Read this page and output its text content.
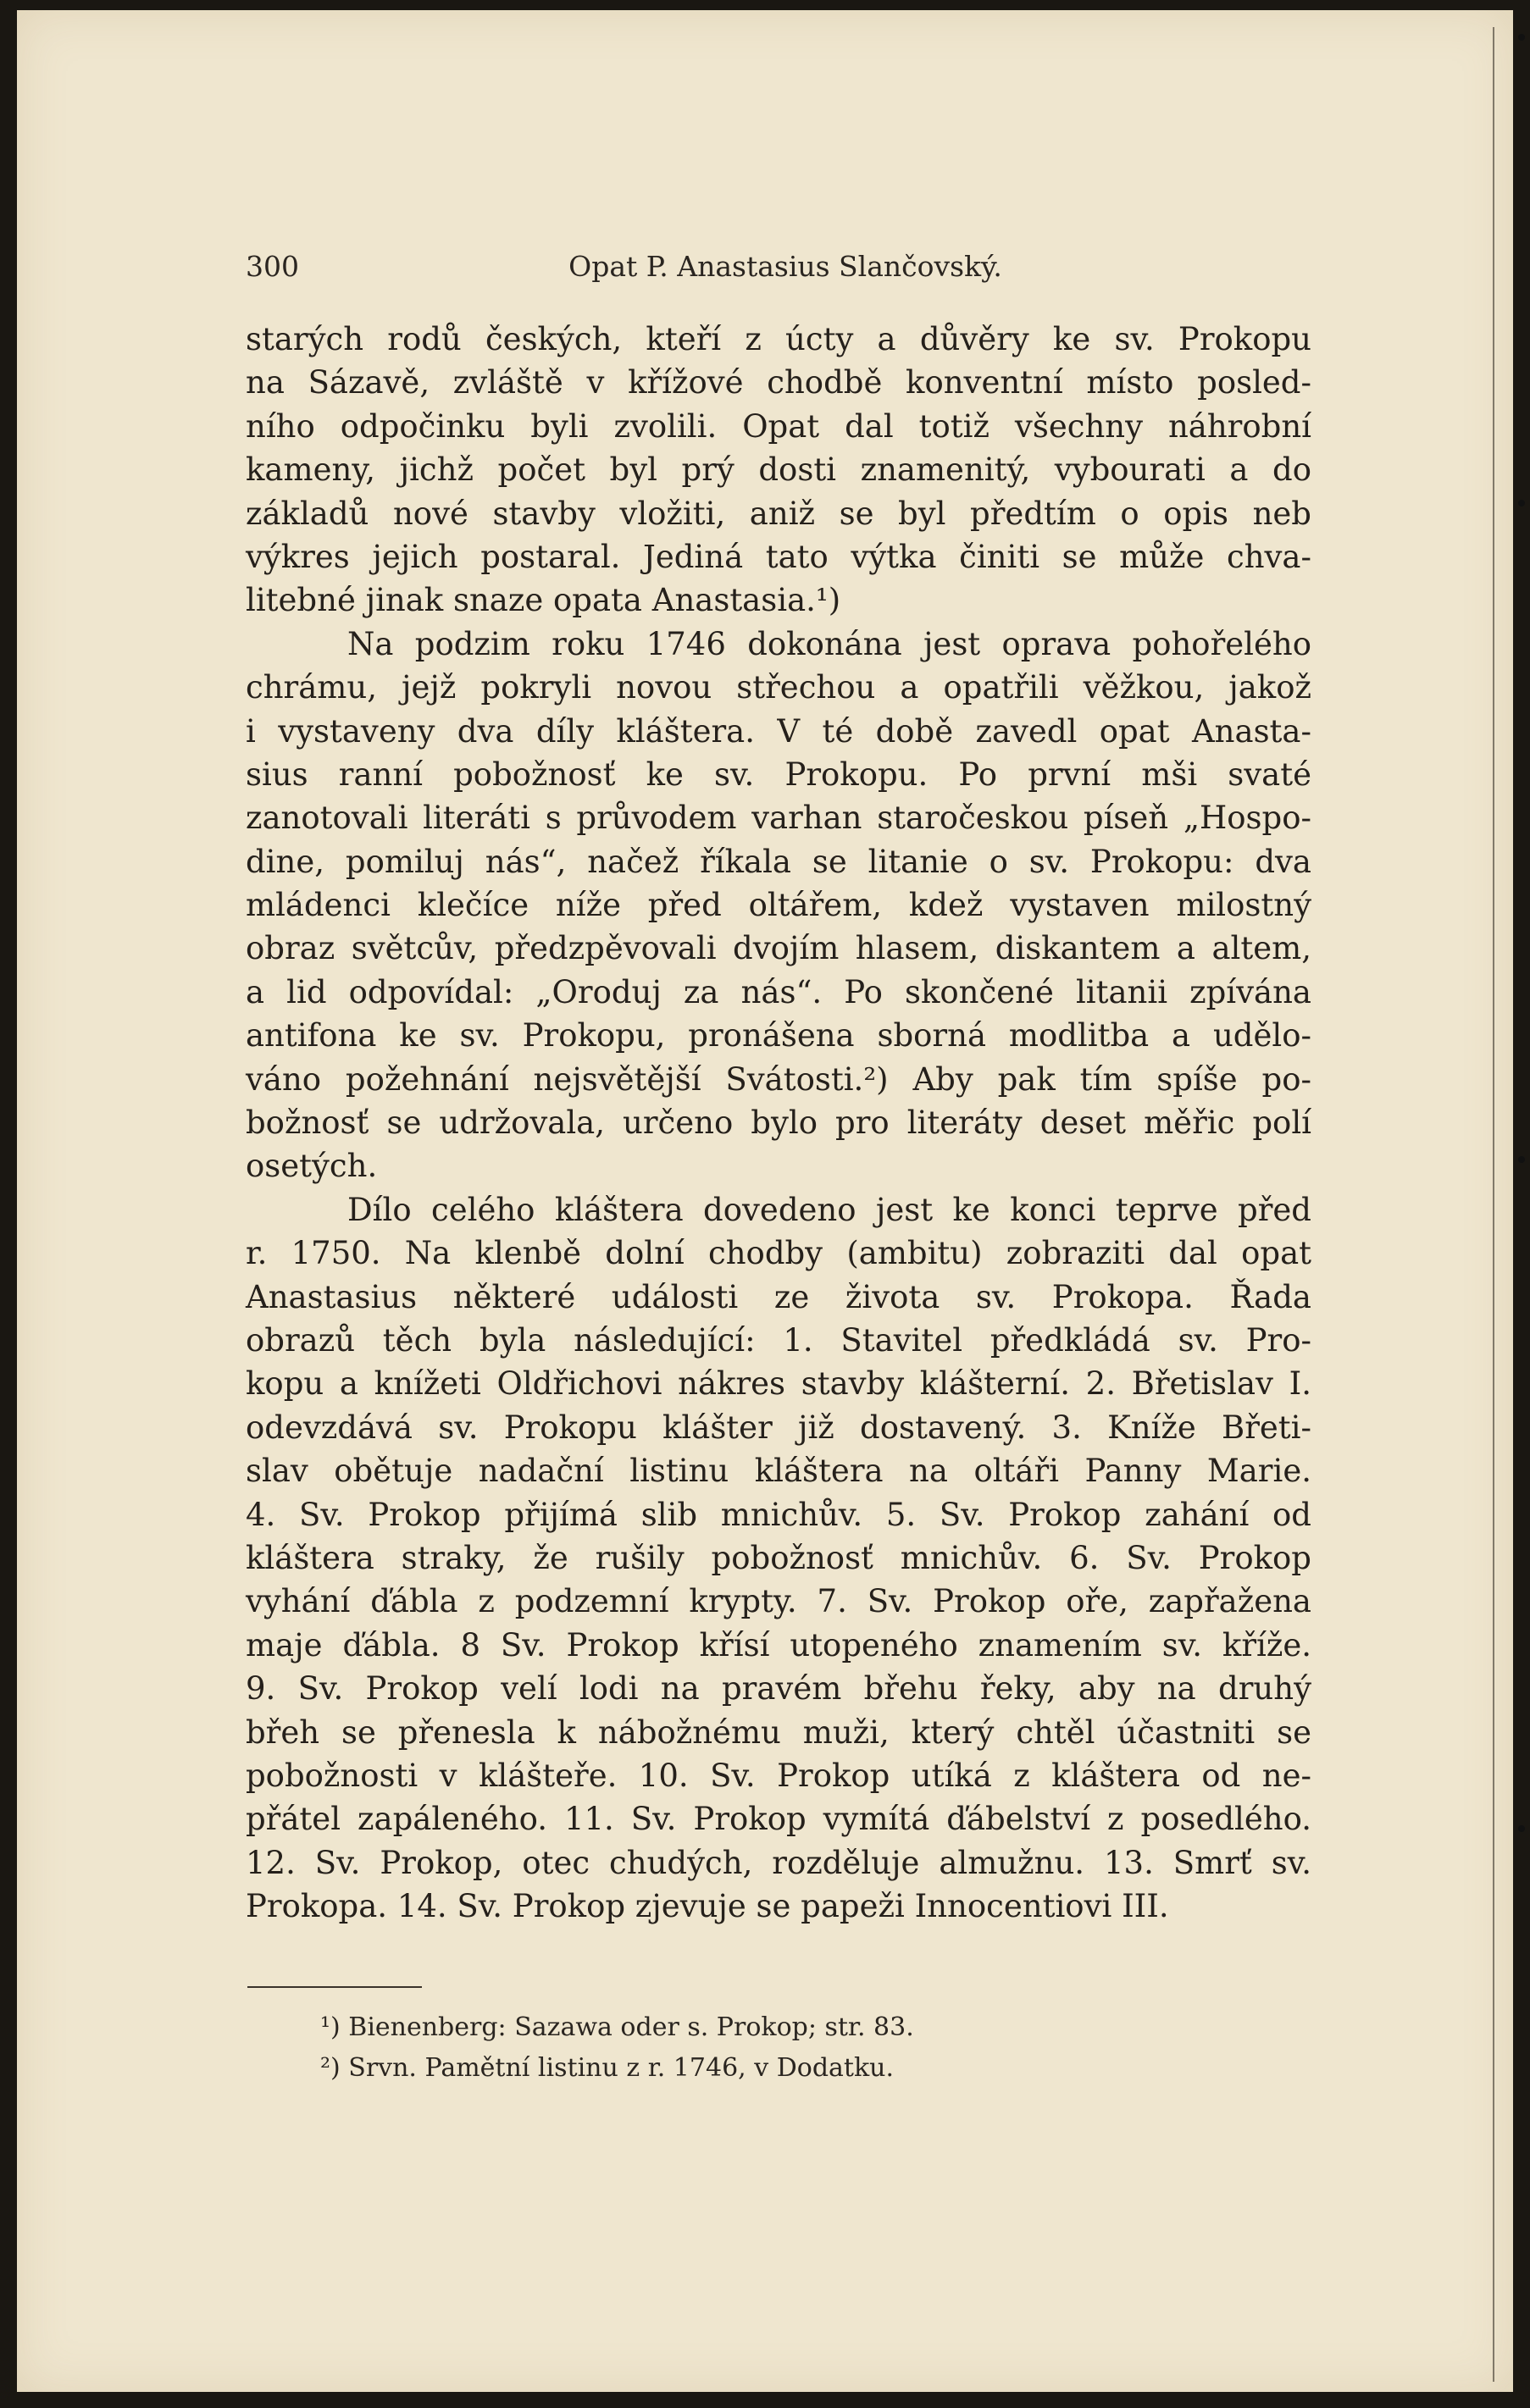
300	Opat P. Anastasius Slančovský.
starých rodů českých, kteří z úcty a důvěry ke sv. Prokopu
na Sázavě, zvláště v křížové chodbě konventní místo posled-
ního odpočinku byli zvolili. Opat dal totiž všechny náhrobní
kameny, jichž počet byl prý dosti znamenitý, vybourati a do
základů nové stavby vložiti, aniž se byl předtím o opis neb
výkres jejich postaral. Jediná tato výtka činiti se může chva-
litebné jinak snaze opata Anastasia.¹)
Na podzim roku 1746 dokonána jest oprava pohořelého
chrámu, jejž pokryli novou střechou a opatřili věžkou, jakož
i vystaveny dva díly kláštera. V té době zavedl opat Anasta-
sius ranní pobožnosť ke sv. Prokopu. Po první mši svaté
zanotovali literáti s průvodem varhan staročeskou píseň „Hospo-
dine, pomiluj nás“, načež říkala se litanie o sv. Prokopu: dva
mládenci klečíce níže před oltářem, kdež vystaven milostný
obraz světcův, předzpěvovali dvojím hlasem, diskantem a altem,
a lid odpovídal: „Oroduj za nás“. Po skončené litanii zpívána
antifona ke sv. Prokopu, pronášena sborná modlitba a udělo-
váno požehnání nejsvětější Svátosti.²) Aby pak tím spíše po-
božnosť se udržovala, určeno bylo pro literáty deset měřic polí
osetých.
Dílo celého kláštera dovedeno jest ke konci teprve před
r. 1750. Na klenbě dolní chodby (ambitu) zobraziti dal opat
Anastasius některé události ze života sv. Prokopa. Řada
obrazů těch byla následující: 1. Stavitel předkládá sv. Pro-
kopu a knížeti Oldřichovi nákres stavby klášterní. 2. Břetislav I.
odevzdává sv. Prokopu klášter již dostavený. 3. Kníže Břeti-
slav obětuje nadační listinu kláštera na oltáři Panny Marie.
4. Sv. Prokop přijímá slib mnichův. 5. Sv. Prokop zahání od
kláštera straky, že rušily pobožnosť mnichův. 6. Sv. Prokop
vyhání ďábla z podzemní krypty. 7. Sv. Prokop oře, zapřažena
maje ďábla. 8 Sv. Prokop křísí utopeného znamením sv. kříže.
9. Sv. Prokop velí lodi na pravém břehu řeky, aby na druhý
břeh se přenesla k nábožnému muži, který chtěl účastniti se
pobožnosti v klášteře. 10. Sv. Prokop utíká z kláštera od ne-
přátel zapáleného. 11. Sv. Prokop vymítá ďábelství z posedlého.
12. Sv. Prokop, otec chudých, rozděluje almužnu. 13. Smrť sv.
Prokopa. 14. Sv. Prokop zjevuje se papeži Innocentiovi III.
¹) Bienenberg: Sazawa oder s. Prokop; str. 83.
²) Srvn. Pamětní listinu z r. 1746, v Dodatku.
